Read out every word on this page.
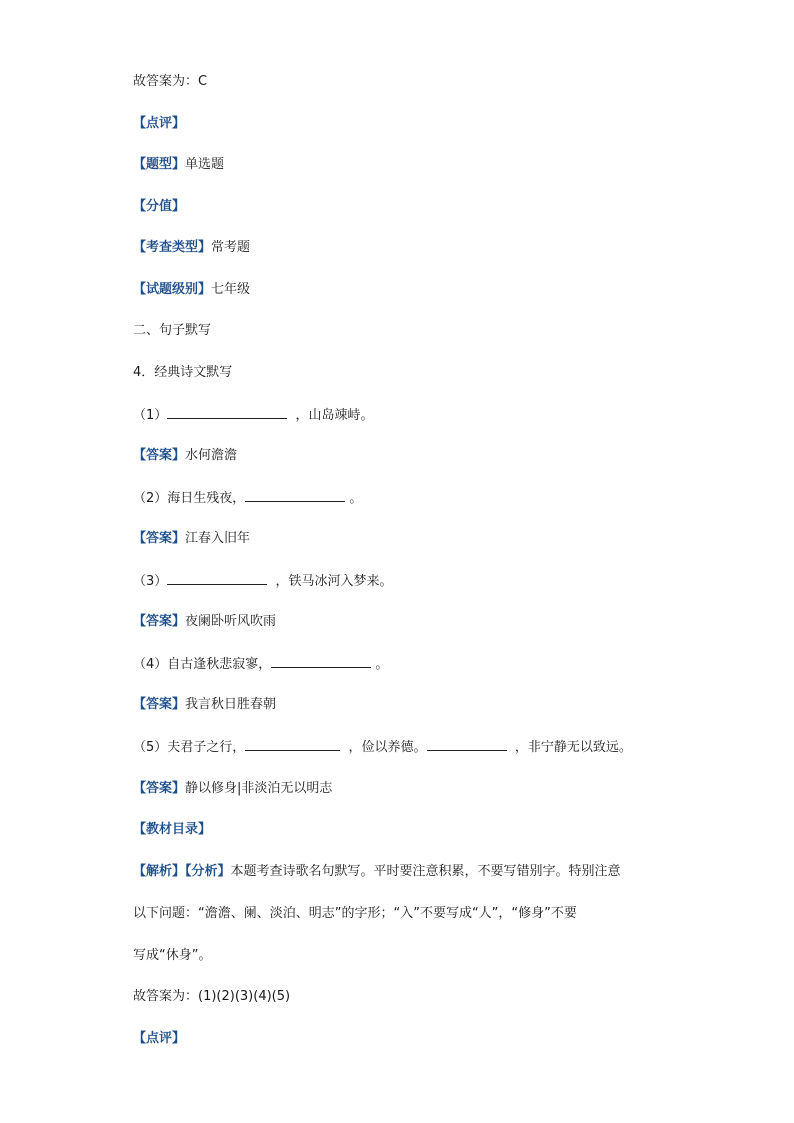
故答案为：C
【点评】
【题型】单选题
【分值】
【考查类型】常考题
【试题级别】七年级
二、句子默写
4．经典诗文默写
（1）	，山岛竦峙。
【答案】水何澹澹
（2）海日生残夜，	。
【答案】江春入旧年
（3）	，铁马冰河入梦来。
【答案】夜阑卧听风吹雨
（4）自古逢秋悲寂寥，	。
【答案】我言秋日胜春朝
（5）夫君子之行，	，俭以养德。	，非宁静无以致远。
【答案】静以修身|非淡泊无以明志
【教材目录】
【解析】【分析】本题考查诗歌名句默写。平时要注意积累，不要写错别字。特别注意
以下问题：“澹澹、阑、淡泊、明志”的字形；“入”不要写成“人”，“修身”不要
写成“休身”。
故答案为：(1)(2)(3)(4)(5)
【点评】
